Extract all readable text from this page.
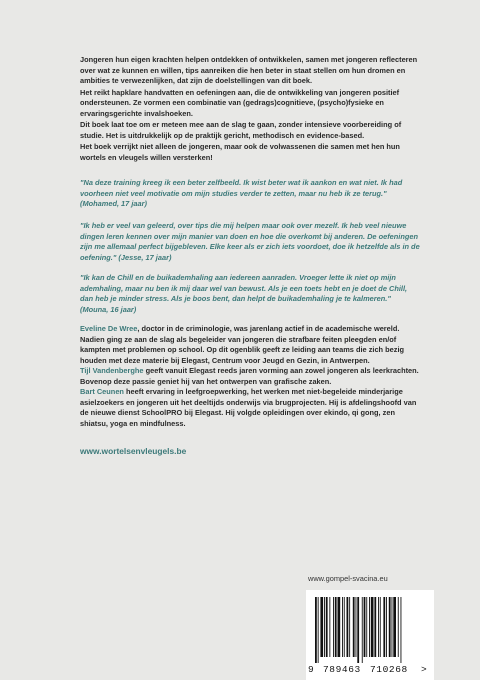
Jongeren hun eigen krachten helpen ontdekken of ontwikkelen, samen met jongeren reflecteren over wat ze kunnen en willen, tips aanreiken die hen beter in staat stellen om hun dromen en ambities te verwezenlijken, dat zijn de doelstellingen van dit boek.

Het reikt hapklare handvatten en oefeningen aan, die de ontwikkeling van jongeren positief ondersteunen. Ze vormen een combinatie van (gedrags)cognitieve, (psycho)fysieke en ervaringsgerichte invalshoeken.

Dit boek laat toe om er meteen mee aan de slag te gaan, zonder intensieve voorbereiding of studie. Het is uitdrukkelijk op de praktijk gericht, methodisch en evidence-based.

Het boek verrijkt niet alleen de jongeren, maar ook de volwassenen die samen met hen hun wortels en vleugels willen versterken!

"Na deze training kreeg ik een beter zelfbeeld. Ik wist beter wat ik aankon en wat niet. Ik had voorheen niet veel motivatie om mijn studies verder te zetten, maar nu heb ik ze terug." (Mohamed, 17 jaar)
"Ik heb er veel van geleerd, over tips die mij helpen maar ook over mezelf. Ik heb veel nieuwe dingen leren kennen over mijn manier van doen en hoe die overkomt bij anderen. De oefeningen zijn me allemaal perfect bijgebleven. Elke keer als er zich iets voordoet, doe ik hetzelfde als in de oefening." (Jesse, 17 jaar)
"Ik kan de Chill en de buikademhaling aan iedereen aanraden. Vroeger lette ik niet op mijn ademhaling, maar nu ben ik mij daar wel van bewust. Als je een toets hebt en je doet de Chill, dan heb je minder stress. Als je boos bent, dan helpt de buikademhaling je te kalmeren." (Mouna, 16 jaar)
Eveline De Wree, doctor in de criminologie, was jarenlang actief in de academische wereld. Nadien ging ze aan de slag als begeleider van jongeren die strafbare feiten pleegden en/of kampten met problemen op school. Op dit ogenblik geeft ze leiding aan teams die zich bezig houden met deze materie bij Elegast, Centrum voor Jeugd en Gezin, in Antwerpen.
Tijl Vandenberghe geeft vanuit Elegast reeds jaren vorming aan zowel jongeren als leerkrachten. Bovenop deze passie geniet hij van het ontwerpen van grafische zaken.
Bart Ceunen heeft ervaring in leefgroepwerking, het werken met niet-begeleide minderjarige asielzoekers en jongeren uit het deeltijds onderwijs via brugprojecten. Hij is afdelingshoofd van de nieuwe dienst SchoolPRO bij Elegast. Hij volgde opleidingen over ekindo, qi gong, zen shiatsu, yoga en mindfulness.
www.wortelsenvleugels.be
www.gompel-svacina.eu
9 789463 710268 >
